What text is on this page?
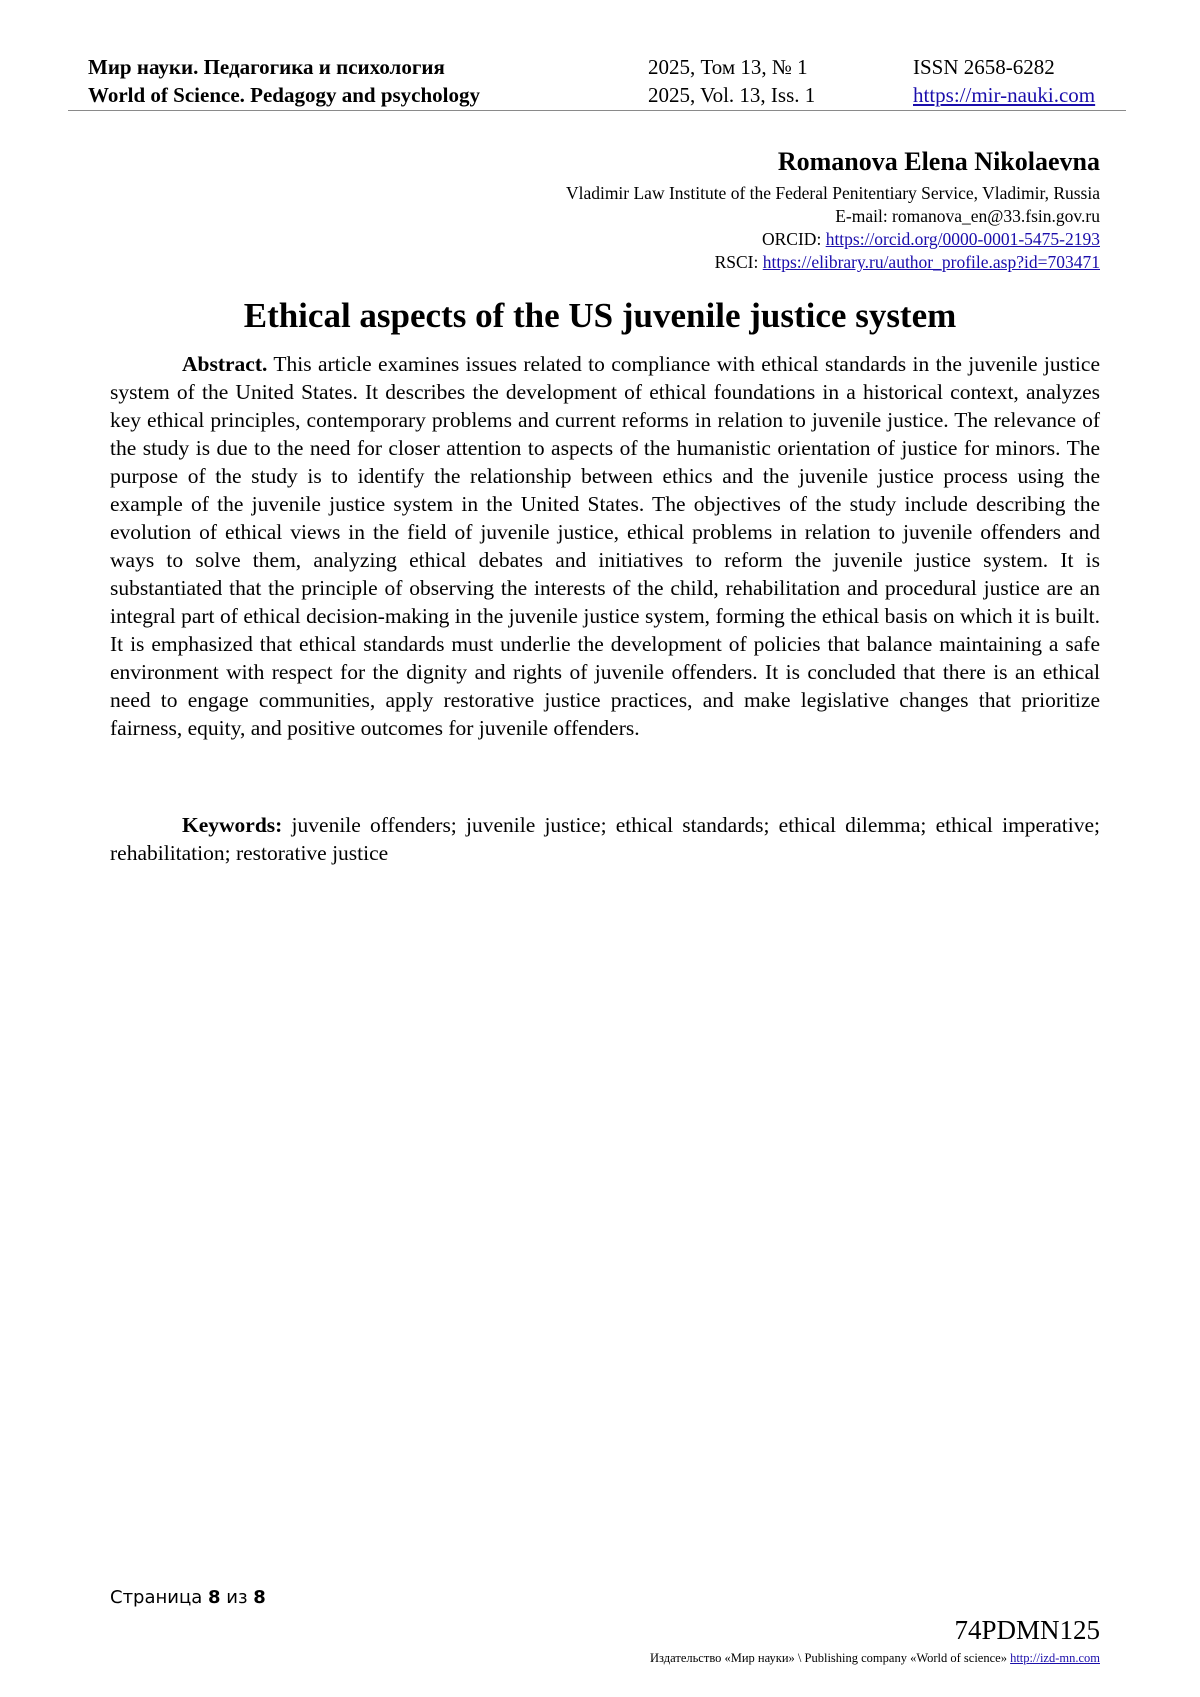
Мир науки. Педагогика и психология
World of Science. Pedagogy and psychology
2025, Том 13, № 1
2025, Vol. 13, Iss. 1
ISSN 2658-6282
https://mir-nauki.com
Romanova Elena Nikolaevna
Vladimir Law Institute of the Federal Penitentiary Service, Vladimir, Russia
E-mail: romanova_en@33.fsin.gov.ru
ORCID: https://orcid.org/0000-0001-5475-2193
RSCI: https://elibrary.ru/author_profile.asp?id=703471
Ethical aspects of the US juvenile justice system
Abstract. This article examines issues related to compliance with ethical standards in the juvenile justice system of the United States. It describes the development of ethical foundations in a historical context, analyzes key ethical principles, contemporary problems and current reforms in relation to juvenile justice. The relevance of the study is due to the need for closer attention to aspects of the humanistic orientation of justice for minors. The purpose of the study is to identify the relationship between ethics and the juvenile justice process using the example of the juvenile justice system in the United States. The objectives of the study include describing the evolution of ethical views in the field of juvenile justice, ethical problems in relation to juvenile offenders and ways to solve them, analyzing ethical debates and initiatives to reform the juvenile justice system. It is substantiated that the principle of observing the interests of the child, rehabilitation and procedural justice are an integral part of ethical decision-making in the juvenile justice system, forming the ethical basis on which it is built. It is emphasized that ethical standards must underlie the development of policies that balance maintaining a safe environment with respect for the dignity and rights of juvenile offenders. It is concluded that there is an ethical need to engage communities, apply restorative justice practices, and make legislative changes that prioritize fairness, equity, and positive outcomes for juvenile offenders.
Keywords: juvenile offenders; juvenile justice; ethical standards; ethical dilemma; ethical imperative; rehabilitation; restorative justice
Страница 8 из 8
74PDMN125
Издательство «Мир науки» \ Publishing company «World of science» http://izd-mn.com
